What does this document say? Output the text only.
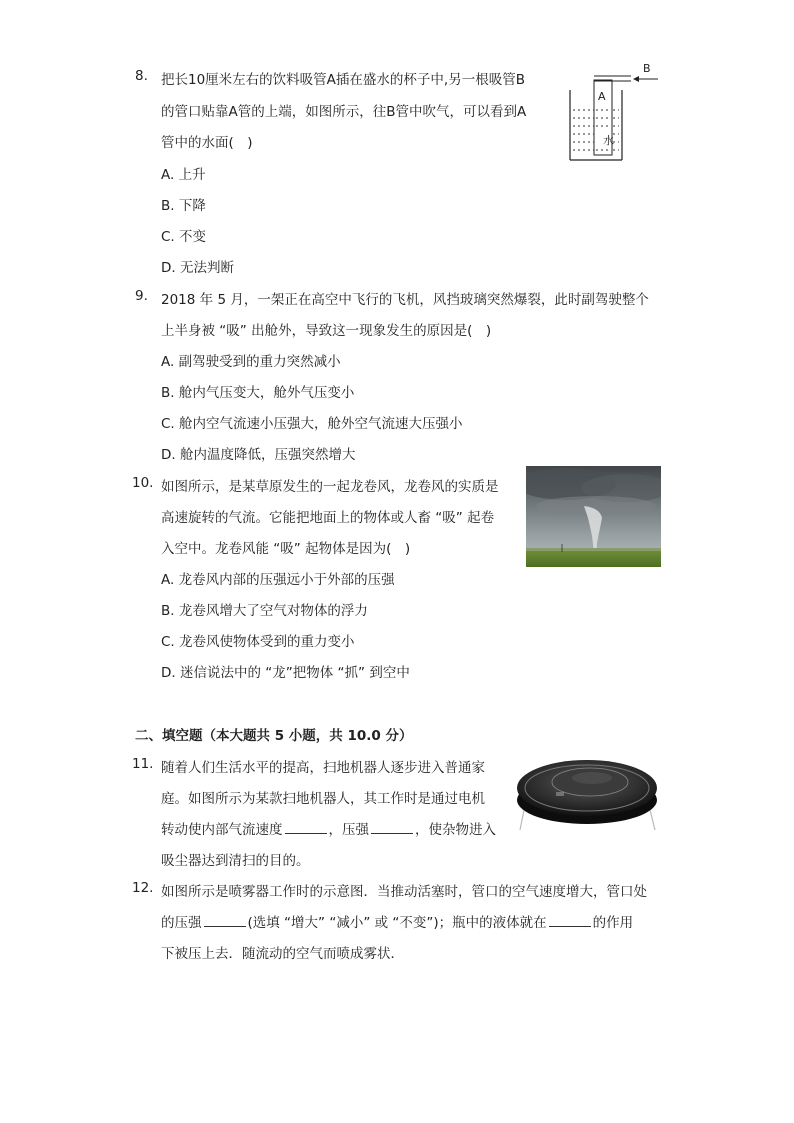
8. 把长10厘米左右的饮料吸管A插在盛水的杯子中,另一根吸管B
的管口贴靠A管的上端，如图所示，往B管中吹气，可以看到A
管中的水面(　)
A. 上升
B. 下降
C. 不变
D. 无法判断
A
水
B
9. 2018 年 5 月，一架正在高空中飞行的飞机，风挡玻璃突然爆裂，此时副驾驶整个
上半身被 “吸” 出舱外，导致这一现象发生的原因是(　)
A. 副驾驶受到的重力突然减小
B. 舱内气压变大，舱外气压变小
C. 舱内空气流速小压强大，舱外空气流速大压强小
D. 舱内温度降低，压强突然增大
10. 如图所示，是某草原发生的一起龙卷风，龙卷风的实质是
高速旋转的气流。它能把地面上的物体或人畜 “吸” 起卷
入空中。龙卷风能 “吸” 起物体是因为(　)
A. 龙卷风内部的压强远小于外部的压强
B. 龙卷风增大了空气对物体的浮力
C. 龙卷风使物体受到的重力变小
D. 迷信说法中的 “龙”把物体 “抓” 到空中
二、填空题（本大题共 5 小题，共 10.0 分）
11. 随着人们生活水平的提高，扫地机器人逐步进入普通家
庭。如图所示为某款扫地机器人，其工作时是通过电机
转动使内部气流速度	，压强	，使杂物进入
吸尘器达到清扫的目的。
12. 如图所示是喷雾器工作时的示意图．当推动活塞时，管口的空气速度增大，管口处
的压强	(选填 “增大” “减小” 或 “不变”)；瓶中的液体就在	的作用
下被压上去．随流动的空气而喷成雾状．
